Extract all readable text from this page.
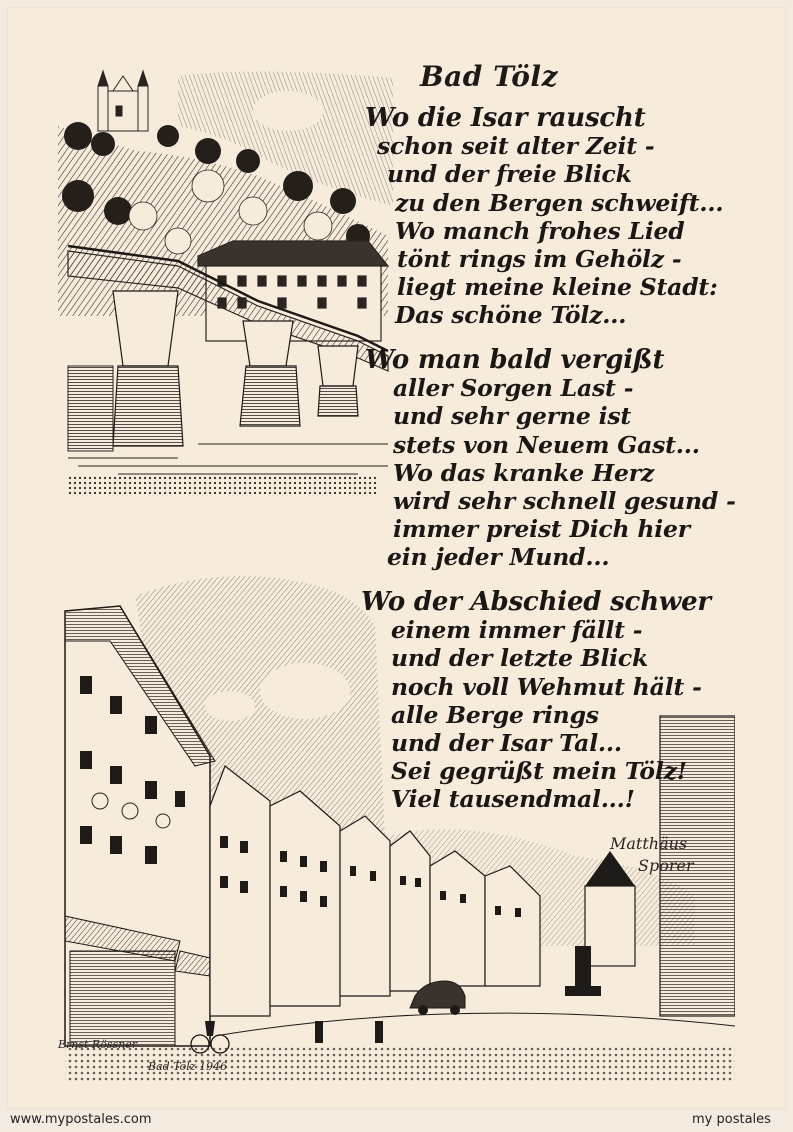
Bad Tölz
Wo die Isar rauscht
schon seit alter Zeit -
und der freie Blick
zu den Bergen schweift...
Wo manch frohes Lied
tönt rings im Gehölz -
liegt meine kleine Stadt:
Das schöne Tölz...
Wo man bald vergißt
aller Sorgen Last -
und sehr gerne ist
stets von Neuem Gast...
Wo das kranke Herz
wird sehr schnell gesund -
immer preist Dich hier
ein jeder Mund...
Wo der Abschied schwer
einem immer fällt -
und der letzte Blick
noch voll Wehmut hält -
alle Berge rings
und der Isar Tal...
Sei gegrüßt mein Tölz!
Viel tausendmal...!
Matthäus
Sporer
Ernst Rössner
Bad Tölz 1946
www.mypostales.com	my postales
